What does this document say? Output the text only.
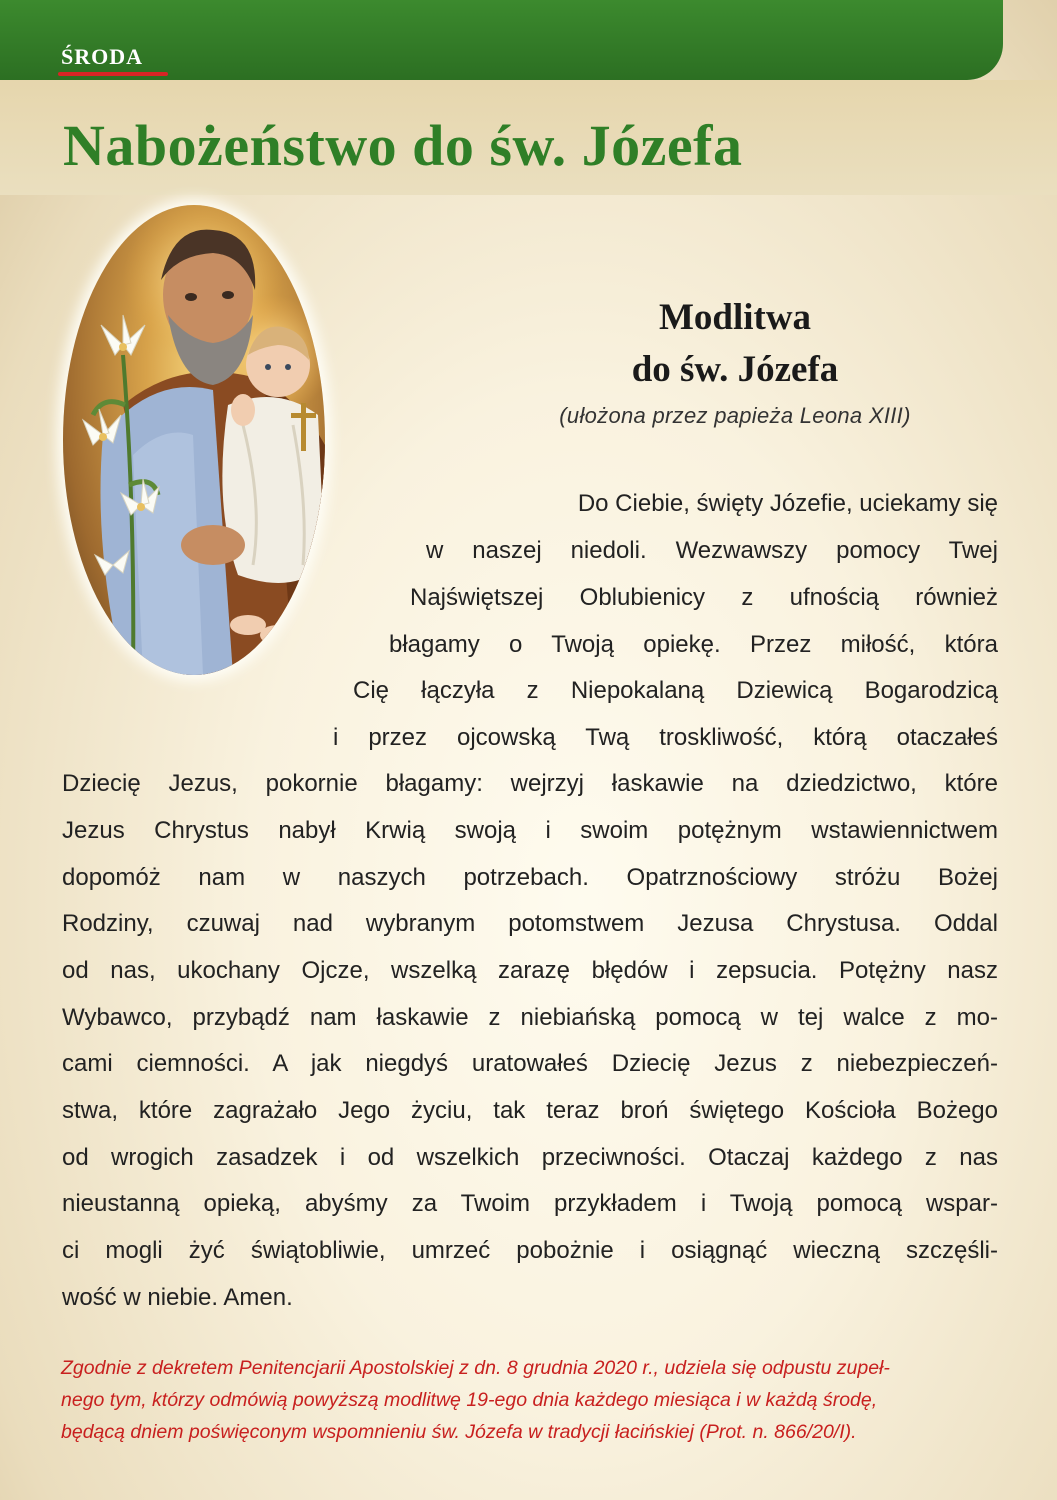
ŚRODA
Nabożeństwo do św. Józefa
Modlitwa
do św. Józefa
(ułożona przez papieża Leona XIII)
Do Ciebie, święty Józefie, uciekamy się
w naszej niedoli. Wezwawszy pomocy Twej
Najświętszej Oblubienicy z ufnością również
błagamy o Twoją opiekę. Przez miłość, która
Cię łączyła z Niepokalaną Dziewicą Bogarodzicą
i przez ojcowską Twą troskliwość, którą otaczałeś
Dziecię Jezus, pokornie błagamy: wejrzyj łaskawie na dziedzictwo, które
Jezus Chrystus nabył Krwią swoją i swoim potężnym wstawiennictwem
dopomóż nam w naszych potrzebach. Opatrznościowy stróżu Bożej
Rodziny, czuwaj nad wybranym potomstwem Jezusa Chrystusa. Oddal
od nas, ukochany Ojcze, wszelką zarazę błędów i zepsucia. Potężny nasz
Wybawco, przybądź nam łaskawie z niebiańską pomocą w tej walce z mo-
cami ciemności. A jak niegdyś uratowałeś Dziecię Jezus z niebezpieczeń-
stwa, które zagrażało Jego życiu, tak teraz broń świętego Kościoła Bożego
od wrogich zasadzek i od wszelkich przeciwności. Otaczaj każdego z nas
nieustanną opieką, abyśmy za Twoim przykładem i Twoją pomocą wspar-
ci mogli żyć świątobliwie, umrzeć pobożnie i osiągnąć wieczną szczęśli-
wość w niebie. Amen.
Zgodnie z dekretem Penitencjarii Apostolskiej z dn. 8 grudnia 2020 r., udziela się odpustu zupeł-
nego tym, którzy odmówią powyższą modlitwę 19-ego dnia każdego miesiąca i w każdą środę,
będącą dniem poświęconym wspomnieniu św. Józefa w tradycji łacińskiej (Prot. n. 866/20/I).
